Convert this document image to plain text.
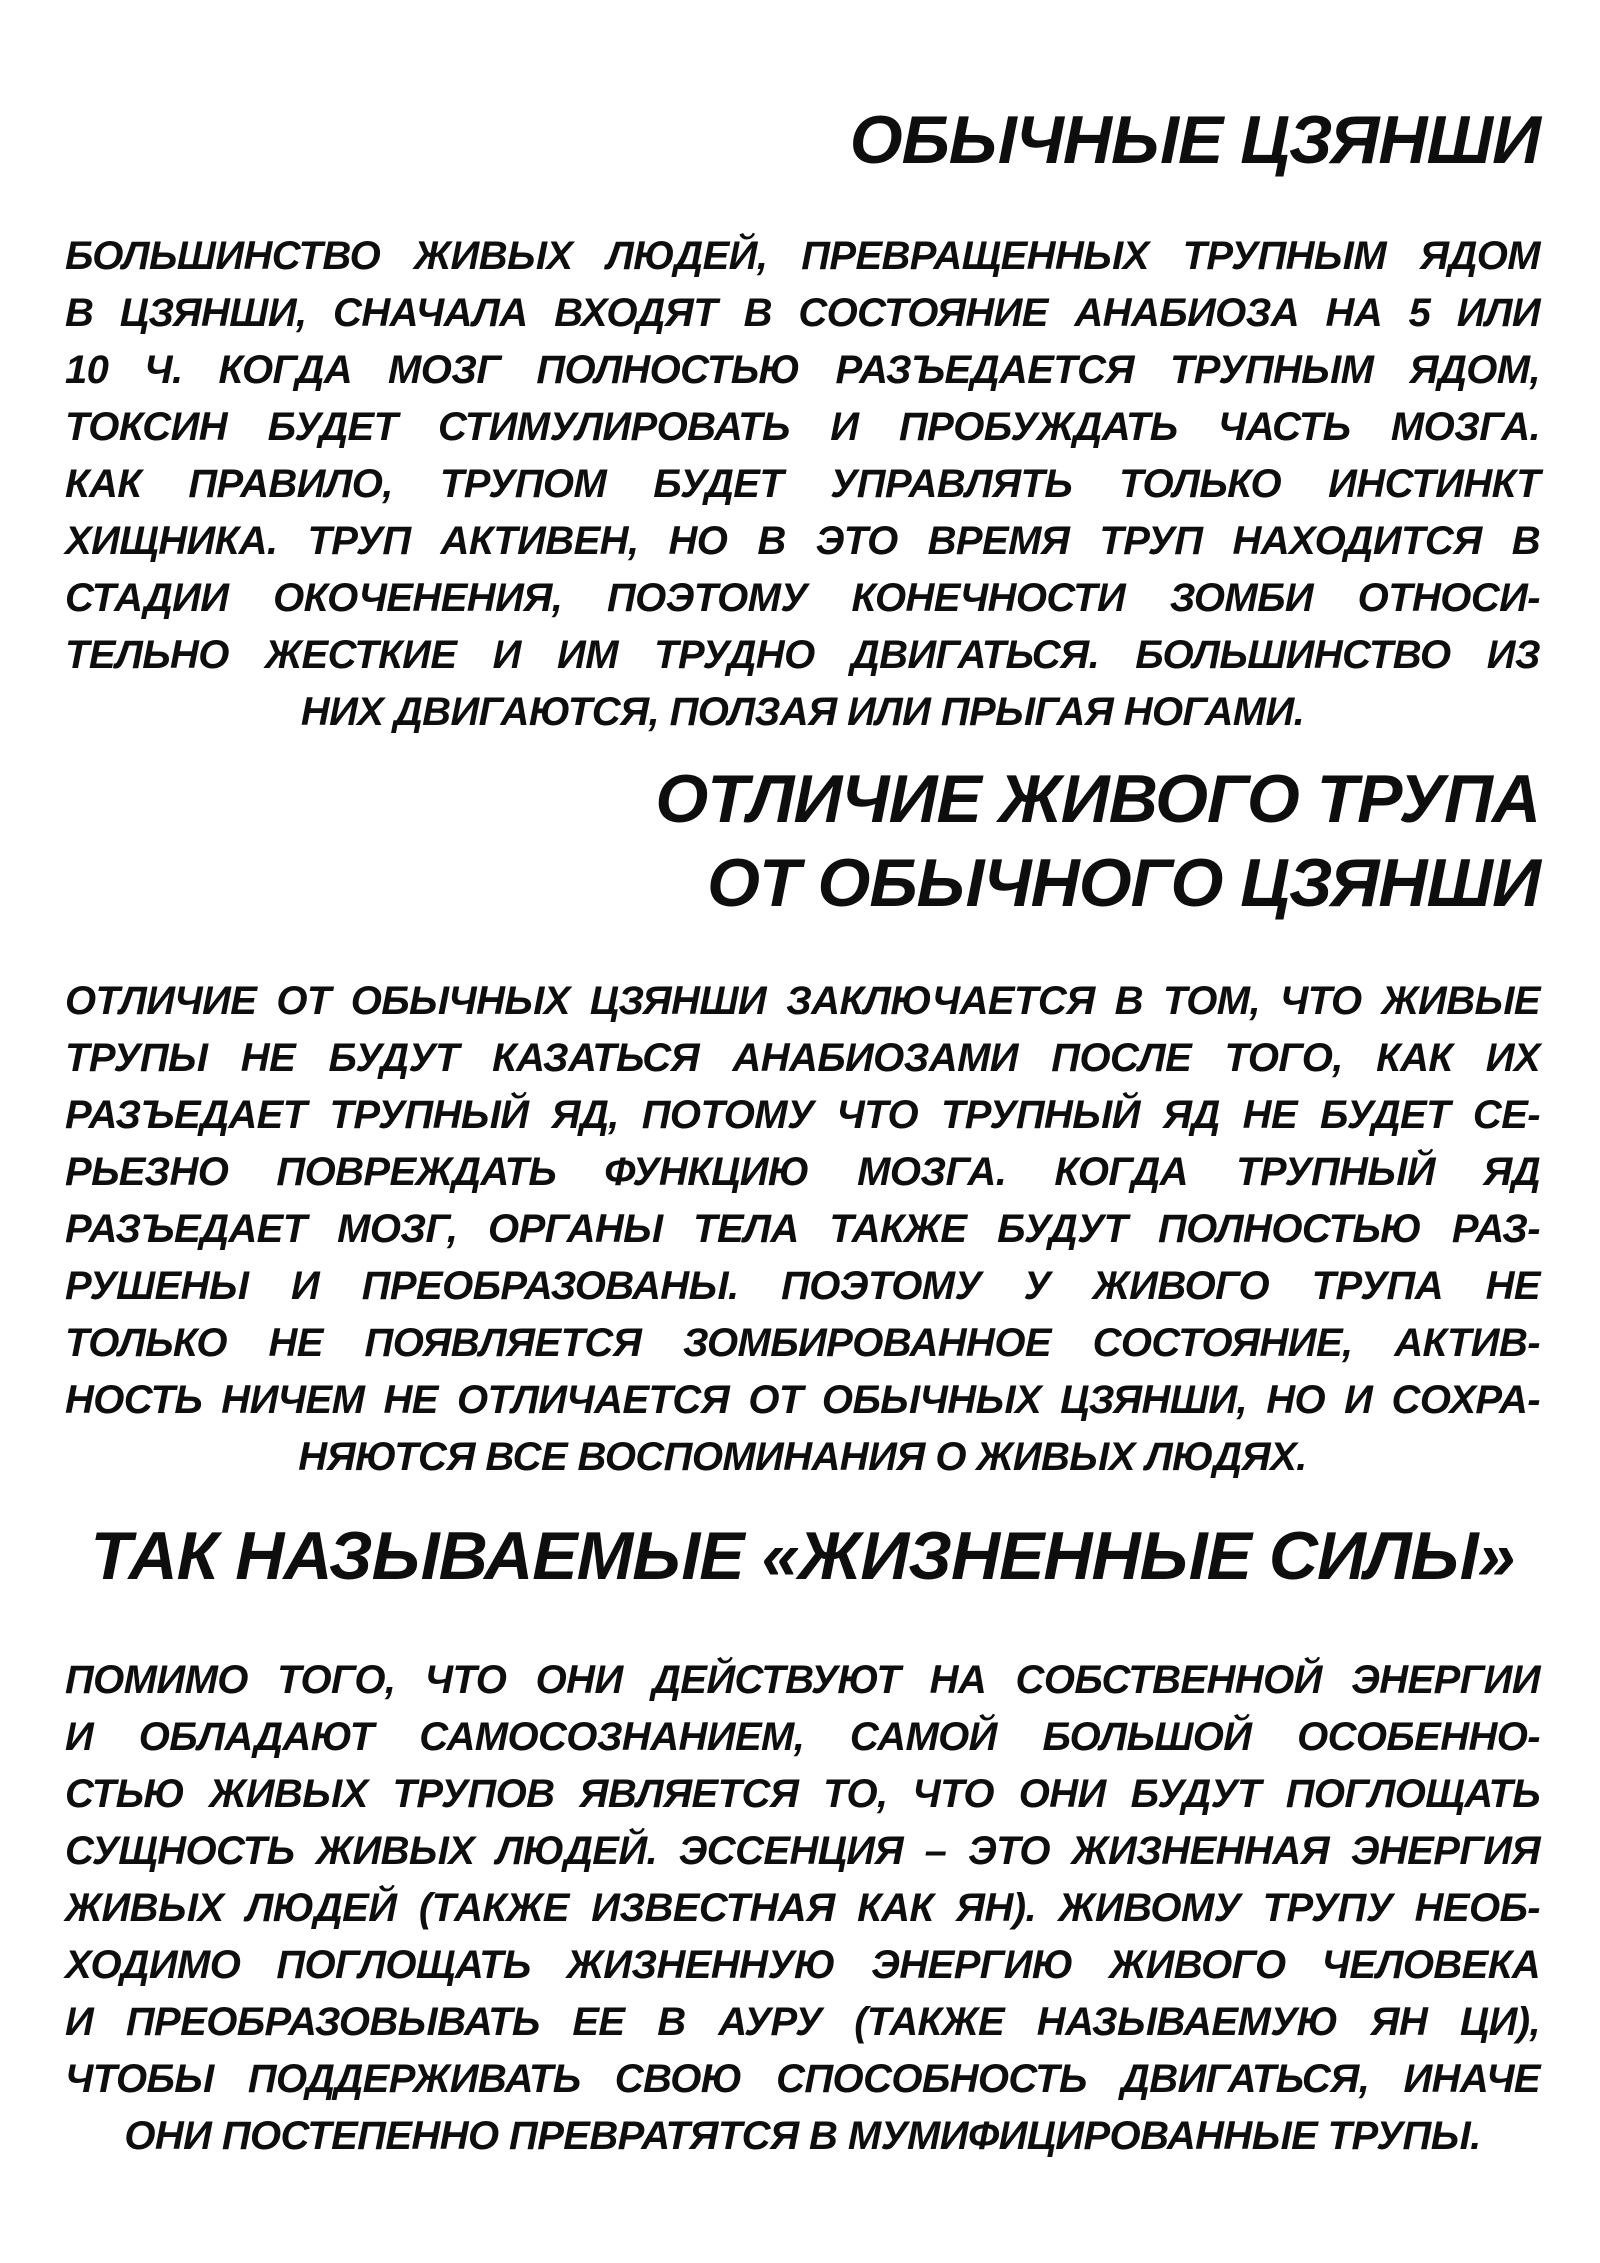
ОБЫЧНЫЕ ЦЗЯНШИ
БОЛЬШИНСТВО ЖИВЫХ ЛЮДЕЙ, ПРЕВРАЩЕННЫХ ТРУПНЫМ ЯДОМ
В ЦЗЯНШИ, СНАЧАЛА ВХОДЯТ В СОСТОЯНИЕ АНАБИОЗА НА 5 ИЛИ
10 Ч. КОГДА МОЗГ ПОЛНОСТЬЮ РАЗЪЕДАЕТСЯ ТРУПНЫМ ЯДОМ,
ТОКСИН БУДЕТ СТИМУЛИРОВАТЬ И ПРОБУЖДАТЬ ЧАСТЬ МОЗГА.
КАК ПРАВИЛО, ТРУПОМ БУДЕТ УПРАВЛЯТЬ ТОЛЬКО ИНСТИНКТ
ХИЩНИКА. ТРУП АКТИВЕН, НО В ЭТО ВРЕМЯ ТРУП НАХОДИТСЯ В
СТАДИИ ОКОЧЕНЕНИЯ, ПОЭТОМУ КОНЕЧНОСТИ ЗОМБИ ОТНОСИ-
ТЕЛЬНО ЖЕСТКИЕ И ИМ ТРУДНО ДВИГАТЬСЯ. БОЛЬШИНСТВО ИЗ
НИХ ДВИГАЮТСЯ, ПОЛЗАЯ ИЛИ ПРЫГАЯ НОГАМИ.
ОТЛИЧИЕ ЖИВОГО ТРУПА
ОТ ОБЫЧНОГО ЦЗЯНШИ
ОТЛИЧИЕ ОТ ОБЫЧНЫХ ЦЗЯНШИ ЗАКЛЮЧАЕТСЯ В ТОМ, ЧТО ЖИВЫЕ
ТРУПЫ НЕ БУДУТ КАЗАТЬСЯ АНАБИОЗАМИ ПОСЛЕ ТОГО, КАК ИХ
РАЗЪЕДАЕТ ТРУПНЫЙ ЯД, ПОТОМУ ЧТО ТРУПНЫЙ ЯД НЕ БУДЕТ СЕ-
РЬЕЗНО ПОВРЕЖДАТЬ ФУНКЦИЮ МОЗГА. КОГДА ТРУПНЫЙ ЯД
РАЗЪЕДАЕТ МОЗГ, ОРГАНЫ ТЕЛА ТАКЖЕ БУДУТ ПОЛНОСТЬЮ РАЗ-
РУШЕНЫ И ПРЕОБРАЗОВАНЫ. ПОЭТОМУ У ЖИВОГО ТРУПА НЕ
ТОЛЬКО НЕ ПОЯВЛЯЕТСЯ ЗОМБИРОВАННОЕ СОСТОЯНИЕ, АКТИВ-
НОСТЬ НИЧЕМ НЕ ОТЛИЧАЕТСЯ ОТ ОБЫЧНЫХ ЦЗЯНШИ, НО И СОХРА-
НЯЮТСЯ ВСЕ ВОСПОМИНАНИЯ О ЖИВЫХ ЛЮДЯХ.
ТАК НАЗЫВАЕМЫЕ «ЖИЗНЕННЫЕ СИЛЫ»
ПОМИМО ТОГО, ЧТО ОНИ ДЕЙСТВУЮТ НА СОБСТВЕННОЙ ЭНЕРГИИ
И ОБЛАДАЮТ САМОСОЗНАНИЕМ, САМОЙ БОЛЬШОЙ ОСОБЕННО-
СТЬЮ ЖИВЫХ ТРУПОВ ЯВЛЯЕТСЯ ТО, ЧТО ОНИ БУДУТ ПОГЛОЩАТЬ
СУЩНОСТЬ ЖИВЫХ ЛЮДЕЙ. ЭССЕНЦИЯ – ЭТО ЖИЗНЕННАЯ ЭНЕРГИЯ
ЖИВЫХ ЛЮДЕЙ (ТАКЖЕ ИЗВЕСТНАЯ КАК ЯН). ЖИВОМУ ТРУПУ НЕОБ-
ХОДИМО ПОГЛОЩАТЬ ЖИЗНЕННУЮ ЭНЕРГИЮ ЖИВОГО ЧЕЛОВЕКА
И ПРЕОБРАЗОВЫВАТЬ ЕЕ В АУРУ (ТАКЖЕ НАЗЫВАЕМУЮ ЯН ЦИ),
ЧТОБЫ ПОДДЕРЖИВАТЬ СВОЮ СПОСОБНОСТЬ ДВИГАТЬСЯ, ИНАЧЕ
ОНИ ПОСТЕПЕННО ПРЕВРАТЯТСЯ В МУМИФИЦИРОВАННЫЕ ТРУПЫ.
